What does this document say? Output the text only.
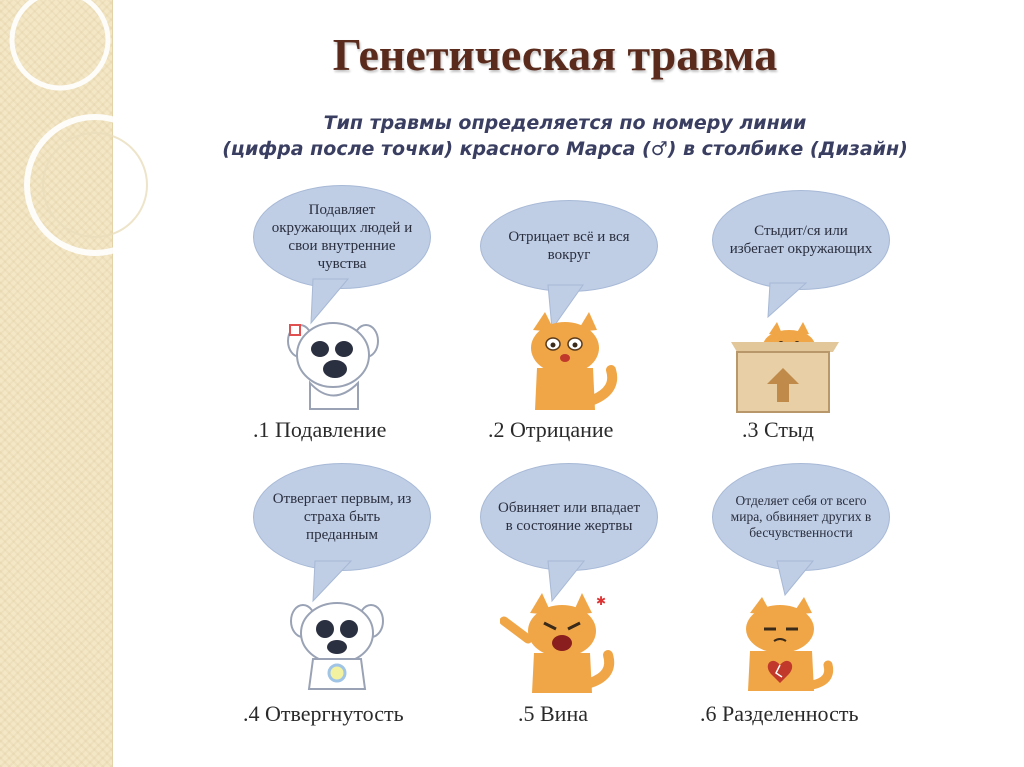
Генетическая травма
Тип травмы определяется по номеру линии
(цифра после точки) красного Марса (♂) в столбике (Дизайн)
Подавляет окружающих людей и свои внутренние чувства
.1 Подавление
Отрицает всё и вся вокруг
.2 Отрицание
Стыдит/ся или избегает окружающих
.3 Стыд
Отвергает первым, из страха быть преданным
.4 Отвергнутость
Обвиняет или впадает в состояние жертвы
✱
.5 Вина
Отделяет себя от всего мира, обвиняет других в бесчувственности
.6 Разделенность
